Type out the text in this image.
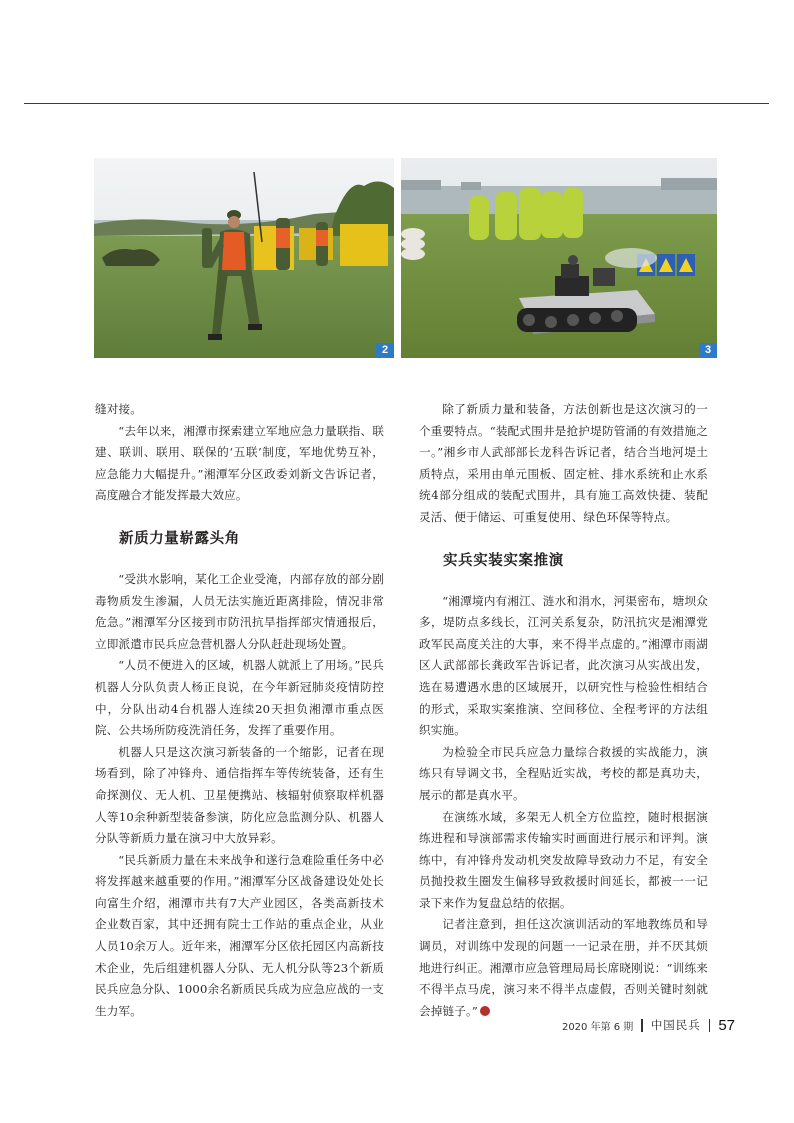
2	3

缝对接。

“去年以来，湘潭市探索建立军地应急力量联指、联建、联训、联用、联保的‘五联’制度，军地优势互补，应急能力大幅提升。”湘潭军分区政委刘新文告诉记者，高度融合才能发挥最大效应。

新质力量崭露头角

“受洪水影响，某化工企业受淹，内部存放的部分剧毒物质发生渗漏，人员无法实施近距离排险，情况非常危急。”湘潭军分区接到市防汛抗旱指挥部灾情通报后，立即派遣市民兵应急营机器人分队赶赴现场处置。

“人员不便进入的区域，机器人就派上了用场。”民兵机器人分队负责人杨正良说，在今年新冠肺炎疫情防控中，分队出动4台机器人连续20天担负湘潭市重点医院、公共场所防疫洗消任务，发挥了重要作用。

机器人只是这次演习新装备的一个缩影，记者在现场看到，除了冲锋舟、通信指挥车等传统装备，还有生命探测仪、无人机、卫星便携站、核辐射侦察取样机器人等10余种新型装备参演，防化应急监测分队、机器人分队等新质力量在演习中大放异彩。

“民兵新质力量在未来战争和遂行急难险重任务中必将发挥越来越重要的作用。”湘潭军分区战备建设处处长向富生介绍，湘潭市共有7大产业园区，各类高新技术企业数百家，其中还拥有院士工作站的重点企业，从业人员10余万人。近年来，湘潭军分区依托园区内高新技术企业，先后组建机器人分队、无人机分队等23个新质民兵应急分队、1000余名新质民兵成为应急应战的一支生力军。

除了新质力量和装备，方法创新也是这次演习的一个重要特点。“装配式围井是抢护堤防管涌的有效措施之一。”湘乡市人武部部长龙科告诉记者，结合当地河堤土质特点，采用由单元围板、固定桩、排水系统和止水系统4部分组成的装配式围井，具有施工高效快捷、装配灵活、便于储运、可重复使用、绿色环保等特点。

实兵实装实案推演

“湘潭境内有湘江、涟水和涓水，河渠密布，塘坝众多，堤防点多线长，江河关系复杂，防汛抗灾是湘潭党政军民高度关注的大事，来不得半点虚的。”湘潭市雨湖区人武部部长龚政军告诉记者，此次演习从实战出发，选在易遭遇水患的区域展开，以研究性与检验性相结合的形式，采取实案推演、空间移位、全程考评的方法组织实施。

为检验全市民兵应急力量综合救援的实战能力，演练只有导调文书，全程贴近实战，考校的都是真功夫，展示的都是真水平。

在演练水域，多架无人机全方位监控，随时根据演练进程和导演部需求传输实时画面进行展示和评判。演练中，有冲锋舟发动机突发故障导致动力不足，有安全员抛投救生圈发生偏移导致救援时间延长，都被一一记录下来作为复盘总结的依据。

记者注意到，担任这次演训活动的军地教练员和导调员，对训练中发现的问题一一记录在册，并不厌其烦地进行纠正。湘潭市应急管理局局长席晓刚说：“训练来不得半点马虎，演习来不得半点虚假，否则关键时刻就会掉链子。”

2020 年第 6 期 中国民兵 57
